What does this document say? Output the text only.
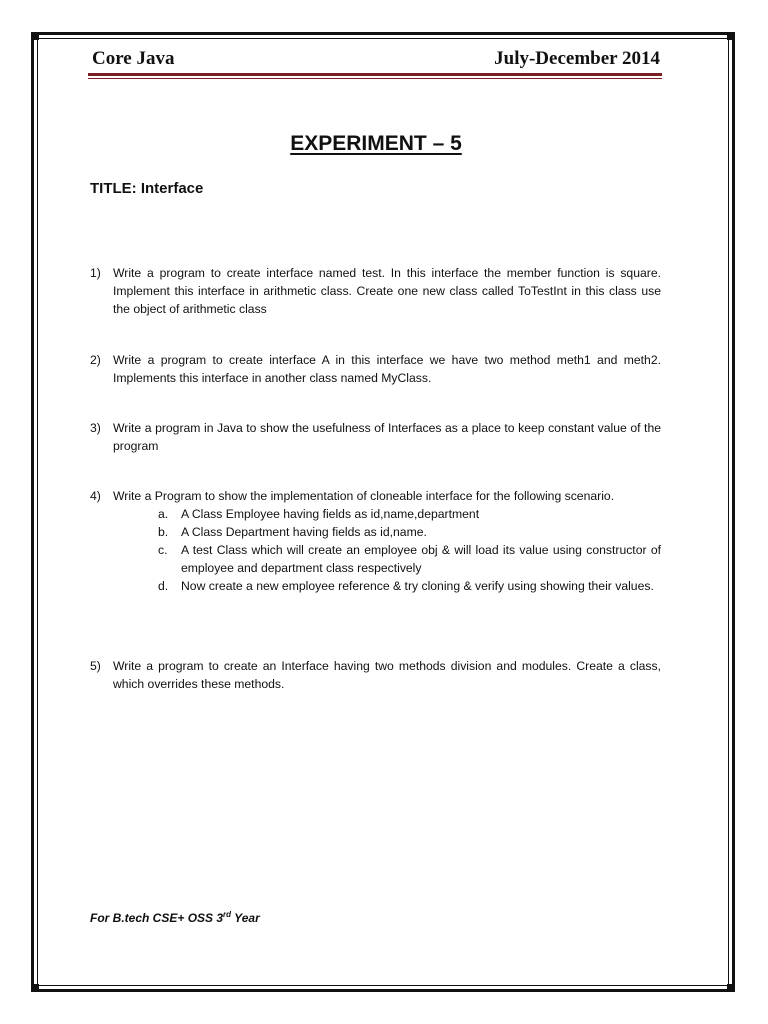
Core Java	July-December 2014
EXPERIMENT – 5
TITLE: Interface
1) Write a program to create interface named test. In this interface the member function is square. Implement this interface in arithmetic class. Create one new class called ToTestInt in this class use the object of arithmetic class
2) Write a program to create interface A in this interface we have two method meth1 and meth2. Implements this interface in another class named MyClass.
3) Write a program in Java to show the usefulness of Interfaces as a place to keep constant value of the program
4) Write a Program to show the implementation of cloneable interface for the following scenario.
a. A Class Employee having fields as id,name,department
b. A Class Department having fields as id,name.
c. A test Class which will create an employee obj & will load its value using constructor of employee and department class respectively
d. Now create a new employee reference & try cloning & verify using showing their values.
5) Write a program to create an Interface having two methods division and modules. Create a class, which overrides these methods.
For B.tech CSE+ OSS 3rd Year
